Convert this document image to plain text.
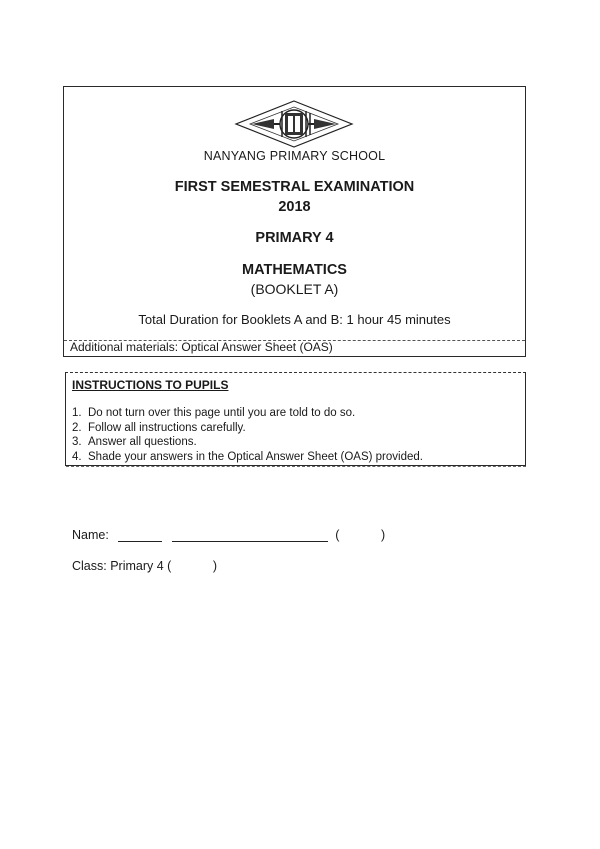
NANYANG PRIMARY SCHOOL
FIRST SEMESTRAL EXAMINATION
2018
PRIMARY 4
MATHEMATICS
(BOOKLET A)
Total Duration for Booklets A and B: 1 hour 45 minutes
Additional materials: Optical Answer Sheet (OAS)
INSTRUCTIONS TO PUPILS
1. Do not turn over this page until you are told to do so.
2. Follow all instructions carefully.
3. Answer all questions.
4. Shade your answers in the Optical Answer Sheet (OAS) provided.
Name:	(	)
Class: Primary 4 (	)
